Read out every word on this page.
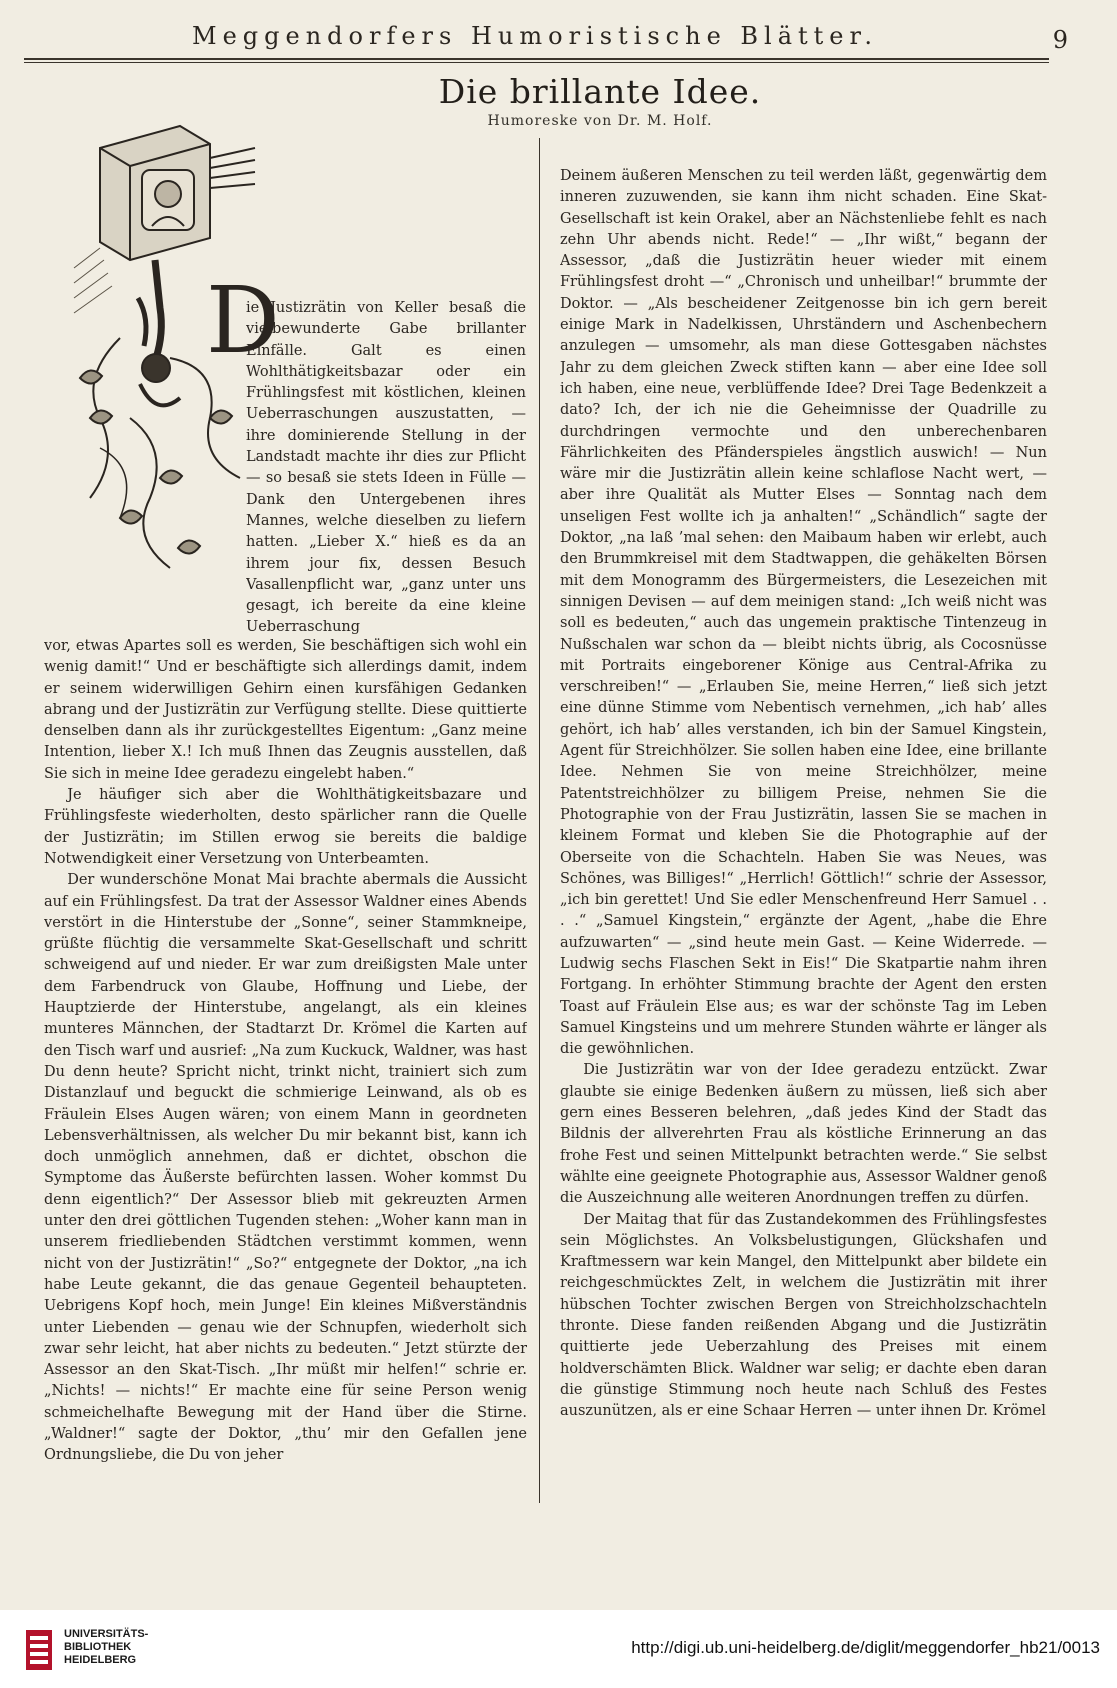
Meggendorfers Humoristische Blätter.	9
Die brillante Idee.
Humoreske von Dr. M. Holf.
D

ie Justizrätin von Keller besaß die vielbewunderte Gabe brillanter Einfälle. Galt es einen Wohlthätigkeitsbazar oder ein Frühlingsfest mit köstlichen, kleinen Ueberraschungen auszustatten, — ihre dominierende Stellung in der Landstadt machte ihr dies zur Pflicht — so besaß sie stets Ideen in Fülle — Dank den Untergebenen ihres Mannes, welche dieselben zu liefern hatten. „Lieber X.“ hieß es da an ihrem jour fix, dessen Besuch Vasallenpflicht war, „ganz unter uns gesagt, ich bereite da eine kleine Ueberraschung

vor, etwas Apartes soll es werden, Sie beschäftigen sich wohl ein wenig damit!“ Und er beschäftigte sich allerdings damit, indem er seinem widerwilligen Gehirn einen kursfähigen Gedanken abrang und der Justizrätin zur Verfügung stellte. Diese quittierte denselben dann als ihr zurückgestelltes Eigentum: „Ganz meine Intention, lieber X.! Ich muß Ihnen das Zeugnis ausstellen, daß Sie sich in meine Idee geradezu eingelebt haben.“

Je häufiger sich aber die Wohlthätigkeitsbazare und Frühlingsfeste wiederholten, desto spärlicher rann die Quelle der Justizrätin; im Stillen erwog sie bereits die baldige Notwendigkeit einer Versetzung von Unterbeamten.

Der wunderschöne Monat Mai brachte abermals die Aussicht auf ein Frühlingsfest. Da trat der Assessor Waldner eines Abends verstört in die Hinterstube der „Sonne“, seiner Stammkneipe, grüßte flüchtig die versammelte Skat-Gesellschaft und schritt schweigend auf und nieder. Er war zum dreißigsten Male unter dem Farbendruck von Glaube, Hoffnung und Liebe, der Hauptzierde der Hinterstube, angelangt, als ein kleines munteres Männchen, der Stadtarzt Dr. Krömel die Karten auf den Tisch warf und ausrief: „Na zum Kuckuck, Waldner, was hast Du denn heute? Spricht nicht, trinkt nicht, trainiert sich zum Distanzlauf und beguckt die schmierige Leinwand, als ob es Fräulein Elses Augen wären; von einem Mann in geordneten Lebensverhältnissen, als welcher Du mir bekannt bist, kann ich doch unmöglich annehmen, daß er dichtet, obschon die Symptome das Äußerste befürchten lassen. Woher kommst Du denn eigentlich?“ Der Assessor blieb mit gekreuzten Armen unter den drei göttlichen Tugenden stehen: „Woher kann man in unserem friedliebenden Städtchen verstimmt kommen, wenn nicht von der Justizrätin!“ „So?“ entgegnete der Doktor, „na ich habe Leute gekannt, die das genaue Gegenteil behaupteten. Uebrigens Kopf hoch, mein Junge! Ein kleines Mißverständnis unter Liebenden — genau wie der Schnupfen, wiederholt sich zwar sehr leicht, hat aber nichts zu bedeuten.“ Jetzt stürzte der Assessor an den Skat-Tisch. „Ihr müßt mir helfen!“ schrie er. „Nichts! — nichts!“ Er machte eine für seine Person wenig schmeichelhafte Bewegung mit der Hand über die Stirne. „Waldner!“ sagte der Doktor, „thu’ mir den Gefallen jene Ordnungsliebe, die Du von jeher

Deinem äußeren Menschen zu teil werden läßt, gegenwärtig dem inneren zuzuwenden, sie kann ihm nicht schaden. Eine Skat-Gesellschaft ist kein Orakel, aber an Nächstenliebe fehlt es nach zehn Uhr abends nicht. Rede!“ — „Ihr wißt,“ begann der Assessor, „daß die Justizrätin heuer wieder mit einem Frühlingsfest droht —“ „Chronisch und unheilbar!“ brummte der Doktor. — „Als bescheidener Zeitgenosse bin ich gern bereit einige Mark in Nadelkissen, Uhrständern und Aschenbechern anzulegen — umsomehr, als man diese Gottesgaben nächstes Jahr zu dem gleichen Zweck stiften kann — aber eine Idee soll ich haben, eine neue, verblüffende Idee? Drei Tage Bedenkzeit a dato? Ich, der ich nie die Geheimnisse der Quadrille zu durchdringen vermochte und den unberechenbaren Fährlichkeiten des Pfänderspieles ängstlich auswich! — Nun wäre mir die Justizrätin allein keine schlaflose Nacht wert, — aber ihre Qualität als Mutter Elses — Sonntag nach dem unseligen Fest wollte ich ja anhalten!“ „Schändlich“ sagte der Doktor, „na laß ’mal sehen: den Maibaum haben wir erlebt, auch den Brummkreisel mit dem Stadtwappen, die gehäkelten Börsen mit dem Monogramm des Bürgermeisters, die Lesezeichen mit sinnigen Devisen — auf dem meinigen stand: „Ich weiß nicht was soll es bedeuten,“ auch das ungemein praktische Tintenzeug in Nußschalen war schon da — bleibt nichts übrig, als Cocosnüsse mit Portraits eingeborener Könige aus Central-Afrika zu verschreiben!“ — „Erlauben Sie, meine Herren,“ ließ sich jetzt eine dünne Stimme vom Nebentisch vernehmen, „ich hab’ alles gehört, ich hab’ alles verstanden, ich bin der Samuel Kingstein, Agent für Streichhölzer. Sie sollen haben eine Idee, eine brillante Idee. Nehmen Sie von meine Streichhölzer, meine Patentstreichhölzer zu billigem Preise, nehmen Sie die Photographie von der Frau Justizrätin, lassen Sie se machen in kleinem Format und kleben Sie die Photographie auf der Oberseite von die Schachteln. Haben Sie was Neues, was Schönes, was Billiges!“ „Herrlich! Göttlich!“ schrie der Assessor, „ich bin gerettet! Und Sie edler Menschenfreund Herr Samuel . . . .“ „Samuel Kingstein,“ ergänzte der Agent, „habe die Ehre aufzuwarten“ — „sind heute mein Gast. — Keine Widerrede. — Ludwig sechs Flaschen Sekt in Eis!“ Die Skatpartie nahm ihren Fortgang. In erhöhter Stimmung brachte der Agent den ersten Toast auf Fräulein Else aus; es war der schönste Tag im Leben Samuel Kingsteins und um mehrere Stunden währte er länger als die gewöhnlichen.

Die Justizrätin war von der Idee geradezu entzückt. Zwar glaubte sie einige Bedenken äußern zu müssen, ließ sich aber gern eines Besseren belehren, „daß jedes Kind der Stadt das Bildnis der allverehrten Frau als köstliche Erinnerung an das frohe Fest und seinen Mittelpunkt betrachten werde.“ Sie selbst wählte eine geeignete Photographie aus, Assessor Waldner genoß die Auszeichnung alle weiteren Anordnungen treffen zu dürfen.

Der Maitag that für das Zustandekommen des Frühlingsfestes sein Möglichstes. An Volksbelustigungen, Glückshafen und Kraftmessern war kein Mangel, den Mittelpunkt aber bildete ein reichgeschmücktes Zelt, in welchem die Justizrätin mit ihrer hübschen Tochter zwischen Bergen von Streichholzschachteln thronte. Diese fanden reißenden Abgang und die Justizrätin quittierte jede Ueberzahlung des Preises mit einem holdverschämten Blick. Waldner war selig; er dachte eben daran die günstige Stimmung noch heute nach Schluß des Festes auszunützen, als er eine Schaar Herren — unter ihnen Dr. Krömel

UNIVERSITÄTS-
BIBLIOTHEK
HEIDELBERG
http://digi.ub.uni-heidelberg.de/diglit/meggendorfer_hb21/0013
